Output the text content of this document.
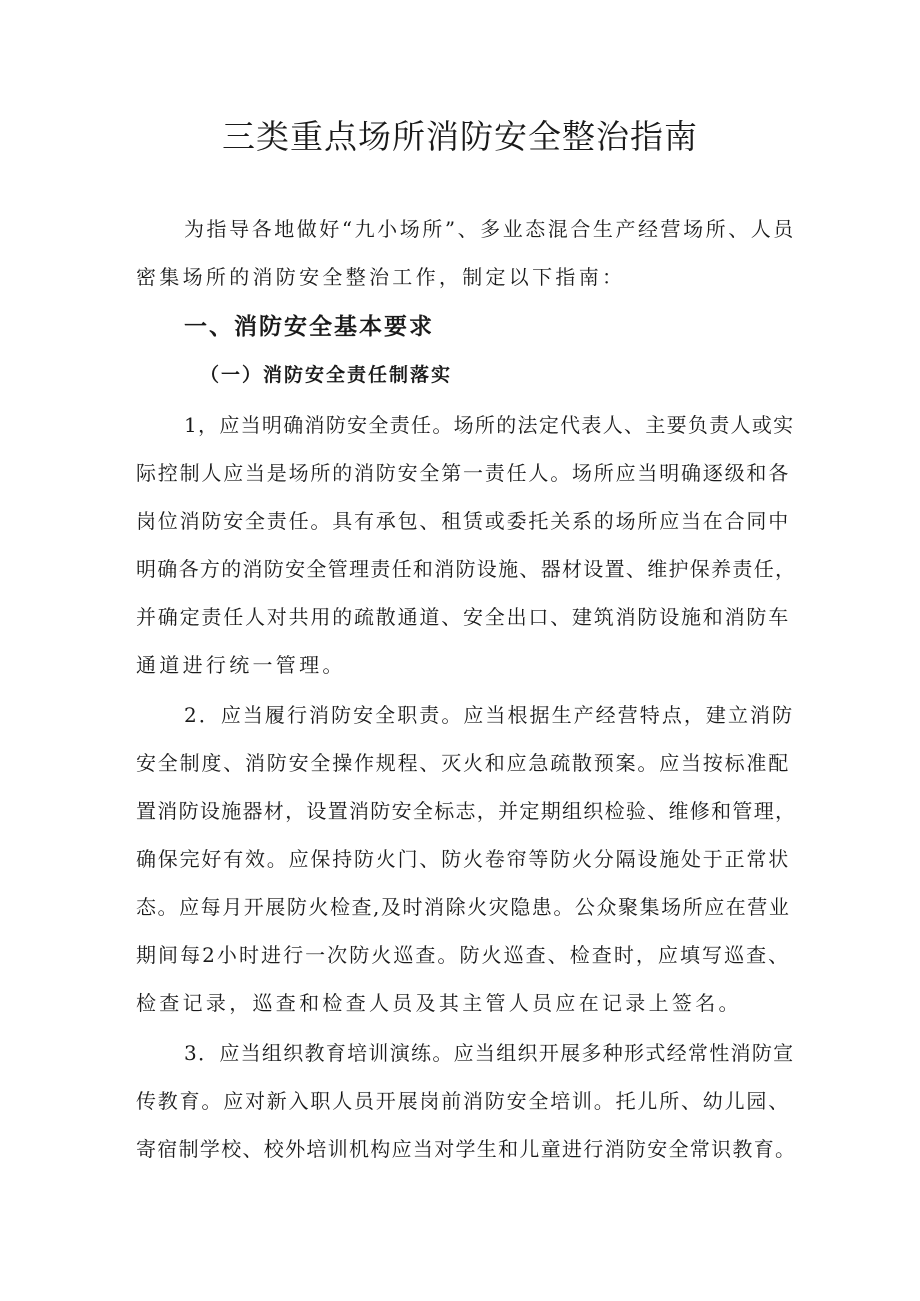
三类重点场所消防安全整治指南

为指导各地做好“九小场所”、多业态混合生产经营场所、人员

密集场所的消防安全整治工作，制定以下指南：

一、消防安全基本要求
（一）消防安全责任制落实

1，应当明确消防安全责任。场所的法定代表人、主要负责人或实

际控制人应当是场所的消防安全第一责任人。场所应当明确逐级和各

岗位消防安全责任。具有承包、租赁或委托关系的场所应当在合同中

明确各方的消防安全管理责任和消防设施、器材设置、维护保养责任，

并确定责任人对共用的疏散通道、安全出口、建筑消防设施和消防车

通道进行统一管理。

2．应当履行消防安全职责。应当根据生产经营特点，建立消防

安全制度、消防安全操作规程、灭火和应急疏散预案。应当按标准配

置消防设施器材，设置消防安全标志，并定期组织检验、维修和管理，

确保完好有效。应保持防火门、防火卷帘等防火分隔设施处于正常状

态。应每月开展防火检查,及时消除火灾隐患。公众聚集场所应在营业

期间每2小时进行一次防火巡查。防火巡查、检查时，应填写巡查、

检查记录，巡查和检查人员及其主管人员应在记录上签名。

3．应当组织教育培训演练。应当组织开展多种形式经常性消防宣

传教育。应对新入职人员开展岗前消防安全培训。托儿所、幼儿园、

寄宿制学校、校外培训机构应当对学生和儿童进行消防安全常识教育。
